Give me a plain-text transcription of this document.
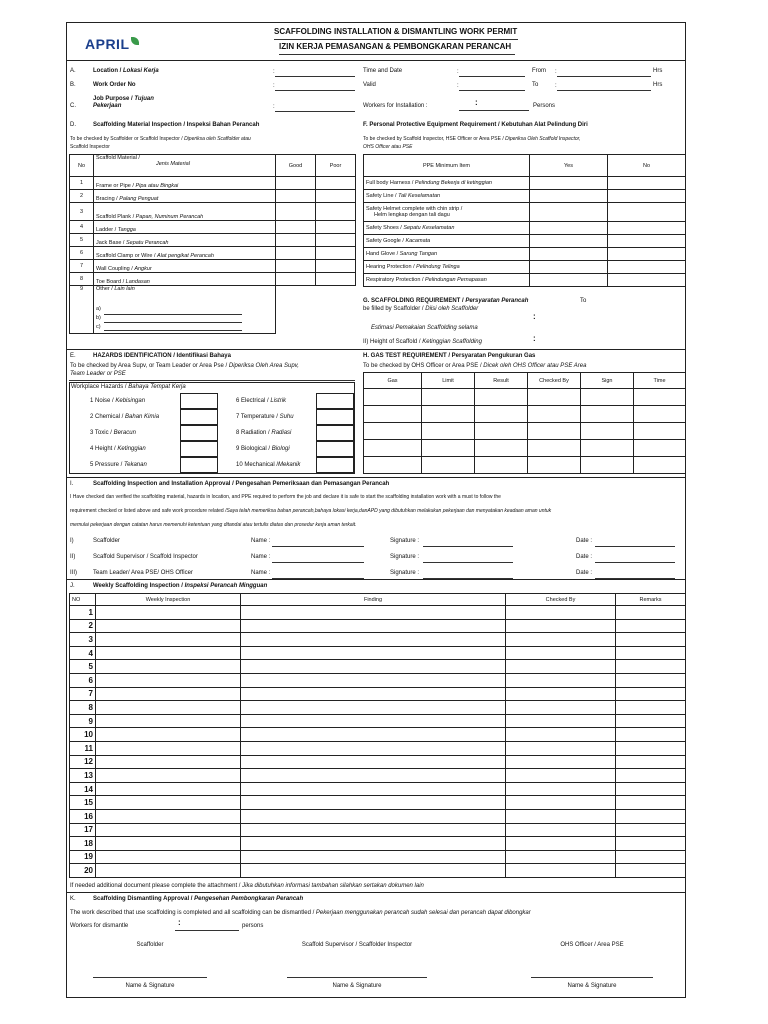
APRIL
SCAFFOLDING INSTALLATION & DISMANTLING WORK PERMIT
IZIN KERJA PEMASANGAN & PEMBONGKARAN PERANCAH
A.	Location / Lokasi Kerja	:
B.	Work Order No	:
Job Purpose / Tujuan
Pekerjaan
C.	:
Time and Date	:	From :	Hrs
Valid	:	To	:	Hrs
Workers for Installation :	:	Persons
D.	Scaffolding Material Inspection / Inspeksi Bahan Perancah
To be checked by Scaffolder or Scaffold Inspector / Diperiksa oleh Scaffolder atau
Scaffold Inspector
F. Personal Protective Equipment Requirement / Kebutuhan Alat Pelindung Diri
To be checked by Scaffold Inspector, HSE Officer or Area PSE / Diperiksa Oleh Scaffold Inspector,
OHS Officer atau PSE
No	Scaffold Material /
Jenis Material	Good	Poor
1	Frame or Pipe / Pipa atau Bingkai		
2	Bracing / Palang Penguat		
3	Scaffold Plank / Papan, Numinum Perancah		
4	Ladder / Tangga		
5	Jack Base / Sepatu Perancah		
6	Scaffold Clamp or Wire / Alat pengikat Perancah		
7	Wall Coupling / Angkur		
8	Toe Board / Landasan		
9	Other / Lain lain
a)
b)
c)		

PPE Minimum Item	Yes	No
Full body Harness / Pelindung Bekerja di ketinggian		
Safety Line / Tali Keselamatan		
Safety Helmet complete with chin strip /
Helm lengkap dengan tali dagu		
Safety Shoes / Sepatu Keselamatan		
Safety Google / Kacamata		
Hand Glove / Sarung Tangan		
Hearing Protection / Pelindung Telinga		
Respiratory Protection / Pelindungan Pernapasan		
G. SCAFFOLDING REQUIREMENT / Persyaratan Perancah	To
be filled by Scaffolder / Diisi oleh Scaffolder
Estimasi Pemakaian Scaffolding selama
:
II) Height of Scaffold / Ketinggian Scaffolding	:
E.	HAZARDS IDENTIFICATION / Identifikasi Bahaya
To be checked by Area Supv, or Team Leader or Area Pse / Diperiksa Oleh Area Supv,
Team Leader or PSE
Workplace Hazards / Bahaya Tempat Kerja
1 Noise / Kebisingan	6 Electrical / Listrik
2 Chemical / Bahan Kimia	7 Temperature / Suhu
3 Toxic / Beracun	8 Radiation / Radiasi
4 Height / Ketinggian	9 Biological / Biologi
5 Pressure / Tekanan	10 Mechanical /Mekanik
H. GAS TEST REQUIREMENT / Persyaratan Pengukuran Gas
To be checked by OHS Officer or Area PSE / Dicek oleh OHS Officer atau PSE Area
Gas	Limit	Result	Checked By	Sign	Time

I.	Scaffolding Inspection and Installation Approval / Pengesahan Pemeriksaan dan Pemasangan Perancah
I Have checked dan verified the scaffolding material, hazards in location, and PPE required to perform the job and declare it is safe to start the scaffolding installation work with a must to follow the
requirement checked or listed above and safe work procedure related /Saya telah memeriksa bahan perancah,bahaya lokasi kerja,danAPD yang dibutuhkan melakukan pekerjaan dan menyatakan keadaan aman untuk
memulai pekerjaan dengan catatan harus memenuhi ketentuan yang ditandai atau tertulis diatas dan prosedur kerja aman terkait.
I)	Scaffolder	Name :	Signature :	Date :
II)	Scaffold Supervisor / Scaffold Inspector	Name :	Signature :	Date :
III)	Team Leader/ Area PSE/ OHS Officer	Name :	Signature :	Date :
J.	Weekly Scaffolding Inspection / Inspeksi Perancah Mingguan
NO	Weekly Inspection	Finding	Checked By	Remarks
1				
2				
3				
4				
5				
6				
7				
8				
9				
10				
11				
12				
13				
14				
15				
16				
17				
18				
19				
20				
If needed additional document please complete the attachment / Jika dibutuhkan informasi tambahan silahkan sertakan dokumen lain
K.	Scaffolding Dismantling Approval / Pengesehan Pembongkaran Perancah
The work described that use scaffolding is completed and all scaffolding can be dismantled / Pekerjaan menggunakan perancah sudah selesai dan perancah dapat dibongkar
Workers for dismantle	:	persons
Scaffolder
Name & Signature
Scaffold Supervisor / Scaffolder Inspector
Name & Signature
OHS Officer / Area PSE
Name & Signature
